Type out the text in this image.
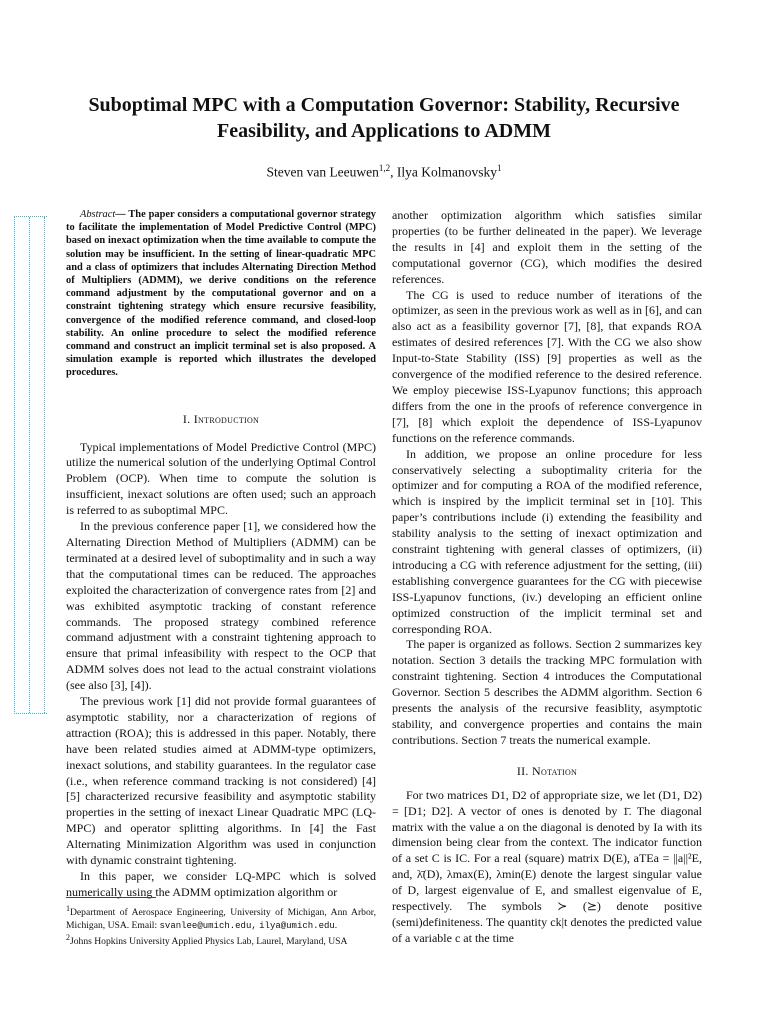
Suboptimal MPC with a Computation Governor: Stability, Recursive Feasibility, and Applications to ADMM
Steven van Leeuwen$^{1,2}$, Ilya Kolmanovsky$^1$

Abstract— The paper considers a computational governor strategy to facilitate the implementation of Model Predictive Control (MPC) based on inexact optimization when the time available to compute the solution may be insufficient. In the setting of linear-quadratic MPC and a class of optimizers that includes Alternating Direction Method of Multipliers (ADMM), we derive conditions on the reference command adjustment by the computational governor and on a constraint tightening strategy which ensure recursive feasibility, convergence of the modified reference command, and closed-loop stability. An online procedure to select the modified reference command and construct an implicit terminal set is also proposed. A simulation example is reported which illustrates the developed procedures.

I. Introduction

Typical implementations of Model Predictive Control (MPC) utilize the numerical solution of the underlying Optimal Control Problem (OCP). When time to compute the solution is insufficient, inexact solutions are often used; such an approach is referred to as suboptimal MPC.

In the previous conference paper [1], we considered how the Alternating Direction Method of Multipliers (ADMM) can be terminated at a desired level of suboptimality and in such a way that the computational times can be reduced. The approaches exploited the characterization of convergence rates from [2] and was exhibited asymptotic tracking of constant reference commands. The proposed strategy combined reference command adjustment with a constraint tightening approach to ensure that primal infeasibility with respect to the OCP that ADMM solves does not lead to the actual constraint violations (see also [3], [4]).

The previous work [1] did not provide formal guarantees of asymptotic stability, nor a characterization of regions of attraction (ROA); this is addressed in this paper. Notably, there have been related studies aimed at ADMM-type optimizers, inexact solutions, and stability guarantees. In the regulator case (i.e., when reference command tracking is not considered) [4] [5] characterized recursive feasibility and asymptotic stability properties in the setting of inexact Linear Quadratic MPC (LQ-MPC) and operator splitting algorithms. In [4] the Fast Alternating Minimization Algorithm was used in conjunction with dynamic constraint tightening.

In this paper, we consider LQ-MPC which is solved numerically using the ADMM optimization algorithm or

$^1$Department of Aerospace Engineering, University of Michigan, Ann Arbor, Michigan, USA. Email: svanlee@umich.edu, ilya@umich.edu.
$^2$Johns Hopkins University Applied Physics Lab, Laurel, Maryland, USA

another optimization algorithm which satisfies similar properties (to be further delineated in the paper). We leverage the results in [4] and exploit them in the setting of the computational governor (CG), which modifies the desired references.

The CG is used to reduce number of iterations of the optimizer, as seen in the previous work as well as in [6], and can also act as a feasibility governor [7], [8], that expands ROA estimates of desired references [7]. With the CG we also show Input-to-State Stability (ISS) [9] properties as well as the convergence of the modified reference to the desired reference. We employ piecewise ISS-Lyapunov functions; this approach differs from the one in the proofs of reference convergence in [7], [8] which exploit the dependence of ISS-Lyapunov functions on the reference commands.

In addition, we propose an online procedure for less conservatively selecting a suboptimality criteria for the optimizer and for computing a ROA of the modified reference, which is inspired by the implicit terminal set in [10]. This paper’s contributions include (i) extending the feasibility and stability analysis to the setting of inexact optimization and constraint tightening with general classes of optimizers, (ii) introducing a CG with reference adjustment for the setting, (iii) establishing convergence guarantees for the CG with piecewise ISS-Lyapunov functions, (iv.) developing an efficient online optimized construction of the implicit terminal set and corresponding ROA.

The paper is organized as follows. Section 2 summarizes key notation. Section 3 details the tracking MPC formulation with constraint tightening. Section 4 introduces the Computational Governor. Section 5 describes the ADMM algorithm. Section 6 presents the analysis of the recursive feasiblity, asymptotic stability, and convergence properties and contains the main contributions. Section 7 treats the numerical example.

II. Notation

For two matrices D1, D2 of appropriate size, we let (D1, D2) = [D1; D2]. A vector of ones is denoted by 1̄. The diagonal matrix with the value a on the diagonal is denoted by Ia with its dimension being clear from the context. The indicator function of a set C is IC. For a real (square) matrix D(E), aTEa = ||a||²E, and, λ̄(D), λmax(E), λmin(E) denote the largest singular value of D, largest eigenvalue of E, and smallest eigenvalue of E, respectively. The symbols ≻ (⪰) denote positive (semi)definiteness. The quantity ck|t denotes the predicted value of a variable c at the time
